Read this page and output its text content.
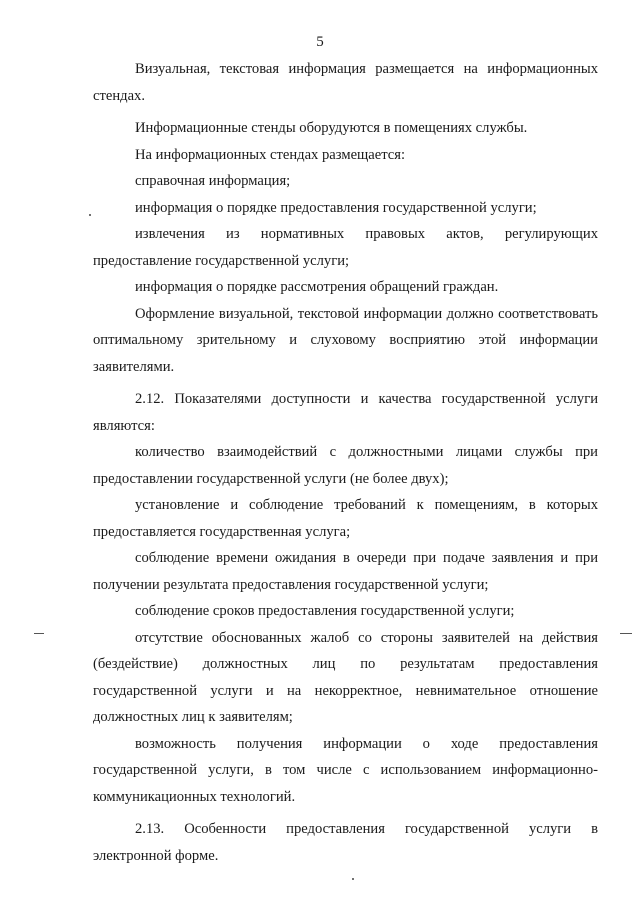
5

Визуальная, текстовая информация размещается на информационных стендах.

Информационные стенды оборудуются в помещениях службы.

На информационных стендах размещается:

справочная информация;

информация о порядке предоставления государственной услуги;

извлечения из нормативных правовых актов, регулирующих предоставление государственной услуги;

информация о порядке рассмотрения обращений граждан.

Оформление визуальной, текстовой информации должно соответствовать оптимальному зрительному и слуховому восприятию этой информации заявителями.

2.12. Показателями доступности и качества государственной услуги являются:

количество взаимодействий с должностными лицами службы при предоставлении государственной услуги (не более двух);

установление и соблюдение требований к помещениям, в которых предоставляется государственная услуга;

соблюдение времени ожидания в очереди при подаче заявления и при получении результата предоставления государственной услуги;

соблюдение сроков предоставления государственной услуги;

отсутствие обоснованных жалоб со стороны заявителей на действия (бездействие) должностных лиц по результатам предоставления государственной услуги и на некорректное, невнимательное отношение должностных лиц к заявителям;

возможность получения информации о ходе предоставления государственной услуги, в том числе с использованием информационно-коммуникационных технологий.

2.13. Особенности предоставления государственной услуги в электронной форме.
